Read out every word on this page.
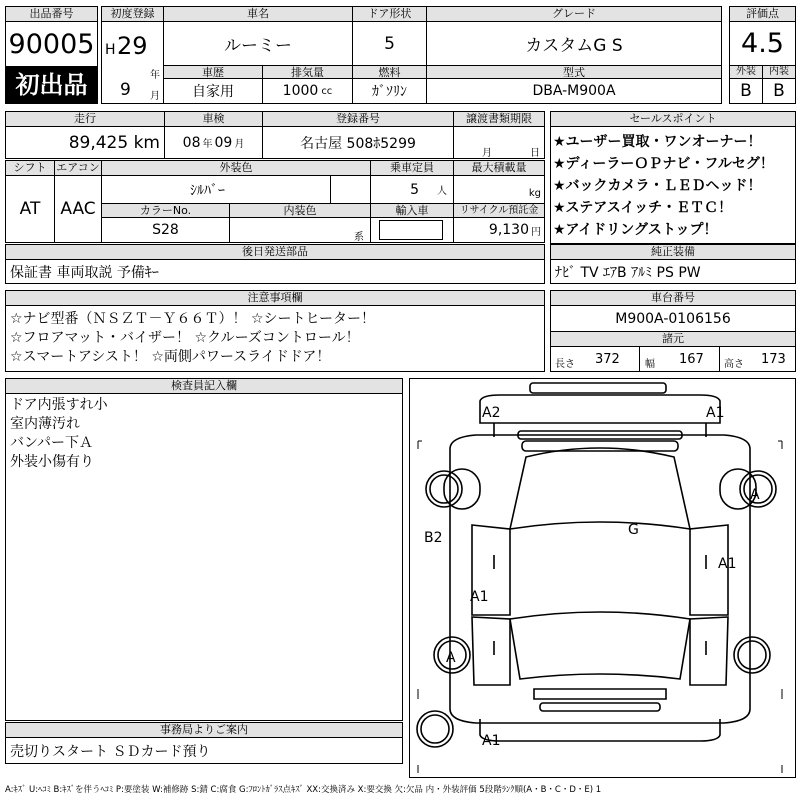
出品番号
90005
初出品
初度登録
H 29
年
9 月
車名
ルーミー
ドア形状
5
グレード
カスタムG S
評価点
4.5
外装	内装
B	B
車歴
自家用
排気量
1000 cc
燃料
ｶﾞｿﾘﾝ
型式
DBA-M900A
走行
89,425 km
車検
08 年 09 月
登録番号
名古屋 508ﾎ5299
譲渡書類期限
月	日
シフト
AT
エアコン
AAC
外装色
ｼﾙﾊﾞｰ
乗車定員
5 人
最大積載量
kg
カラーNo.
S28
内装色
系
輸入車	リサイクル預託金
9,130 円
後日発送部品
保証書 車両取説 予備ｷｰ
セールスポイント
★ユーザー買取・ワンオーナー！
★ディーラーＯＰナビ・フルセグ！
★バックカメラ・ＬＥＤヘッド！
★ステアスイッチ・ＥＴＣ！
★アイドリングストップ！
純正装備
ﾅﾋﾞ TV ｴｱB ｱﾙﾐ PS PW
注意事項欄
☆ナビ型番（ＮＳＺＴ－Ｙ６６Ｔ）！ ☆シートヒーター！
☆フロアマット・バイザー！ ☆クルーズコントロール！
☆スマートアシスト！ ☆両側パワースライドドア！
車台番号
M900A-0106156
諸元
長さ 372	幅 167 高さ 173
検査員記入欄
ドア内張すれ小
室内薄汚れ
バンパー下Ａ
外装小傷有り
事務局よりご案内
売切りスタート ＳＤカード預り
A2	A1
A
B2	G
A1
A1
A
A1
A:ｷｽﾞ U:ﾍｺﾐ B:ｷｽﾞを伴うﾍｺﾐ P:要塗装 W:補修跡 S:錆 C:腐食 G:ﾌﾛﾝﾄｶﾞﾗｽ点ｷｽﾞ XX:交換済み X:要交換 欠:欠品 内・外装評価 5段階ﾗﾝｸ順(A・B・C・D・E) 1
